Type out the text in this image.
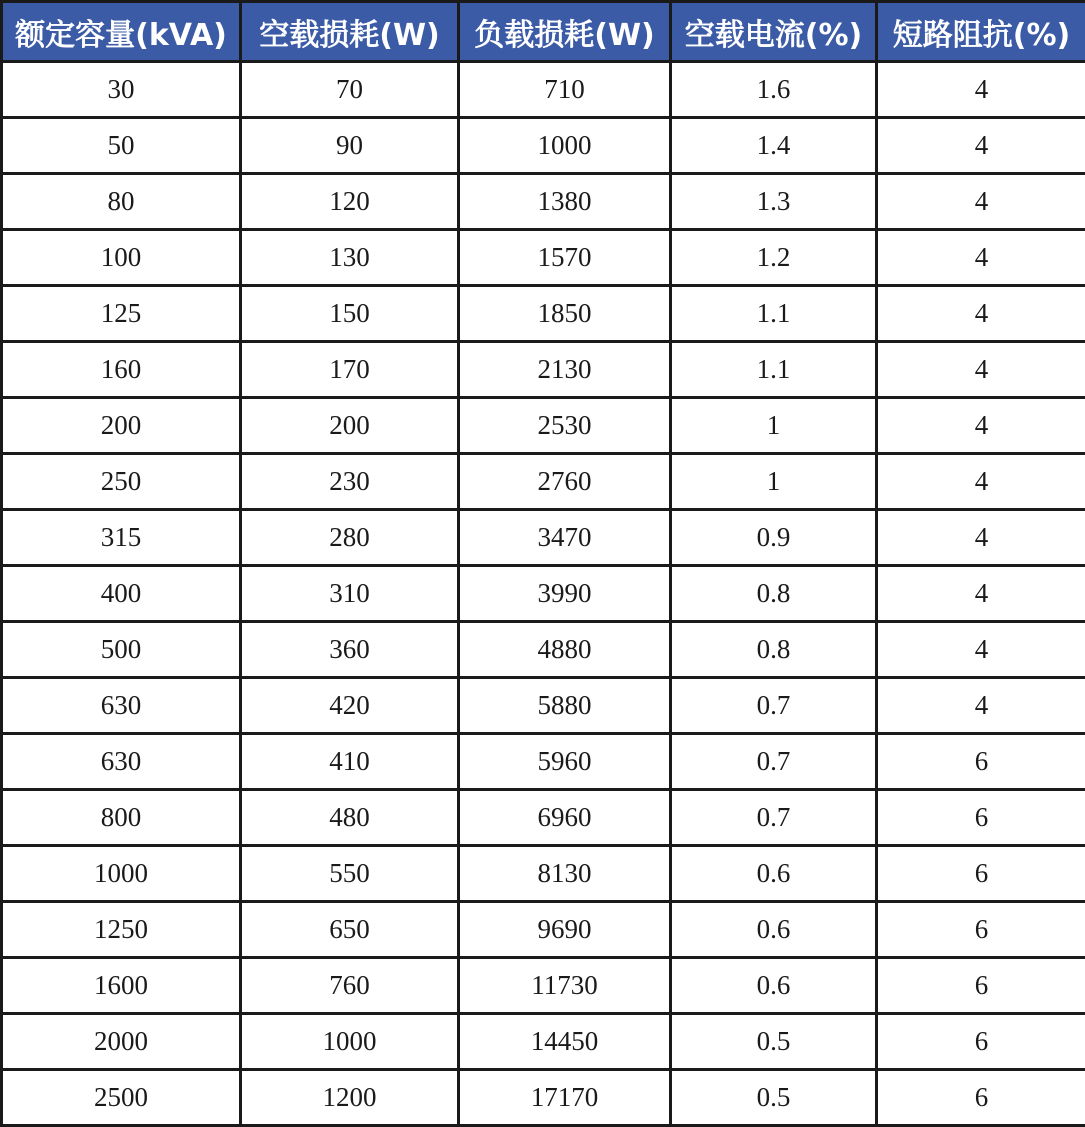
额定容量(kVA)	空载损耗(W)	负载损耗(W)	空载电流(%)	短路阻抗(%)
30	70	710	1.6	4
50	90	1000	1.4	4
80	120	1380	1.3	4
100	130	1570	1.2	4
125	150	1850	1.1	4
160	170	2130	1.1	4
200	200	2530	1	4
250	230	2760	1	4
315	280	3470	0.9	4
400	310	3990	0.8	4
500	360	4880	0.8	4
630	420	5880	0.7	4
630	410	5960	0.7	6
800	480	6960	0.7	6
1000	550	8130	0.6	6
1250	650	9690	0.6	6
1600	760	11730	0.6	6
2000	1000	14450	0.5	6
2500	1200	17170	0.5	6
